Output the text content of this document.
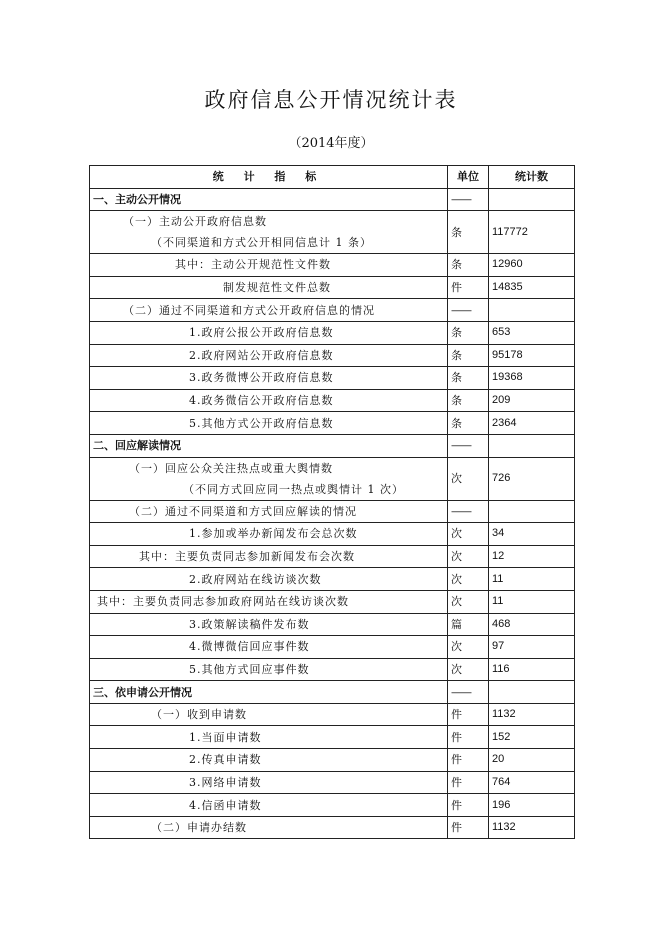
政府信息公开情况统计表
（2014年度）
统 计 指 标	单位	统计数
一、主动公开情况	——	

（一）主动公开政府信息数
（不同渠道和方式公开相同信息计 1 条）	条	117772
其中：主动公开规范性文件数	条	12960
制发规范性文件总数	件	14835
（二）通过不同渠道和方式公开政府信息的情况	——	
1.政府公报公开政府信息数	条	653
2.政府网站公开政府信息数	条	95178
3.政务微博公开政府信息数	条	19368
4.政务微信公开政府信息数	条	209
5.其他方式公开政府信息数	条	2364
二、回应解读情况	——	

（一）回应公众关注热点或重大舆情数
（不同方式回应同一热点或舆情计 1 次）	次	726
（二）通过不同渠道和方式回应解读的情况	——	
1.参加或举办新闻发布会总次数	次	34
其中：主要负责同志参加新闻发布会次数	次	12
2.政府网站在线访谈次数	次	11
其中：主要负责同志参加政府网站在线访谈次数	次	11
3.政策解读稿件发布数	篇	468
4.微博微信回应事件数	次	97
5.其他方式回应事件数	次	116
三、依申请公开情况	——	
（一）收到申请数	件	1132
1.当面申请数	件	152
2.传真申请数	件	20
3.网络申请数	件	764
4.信函申请数	件	196
（二）申请办结数	件	1132
